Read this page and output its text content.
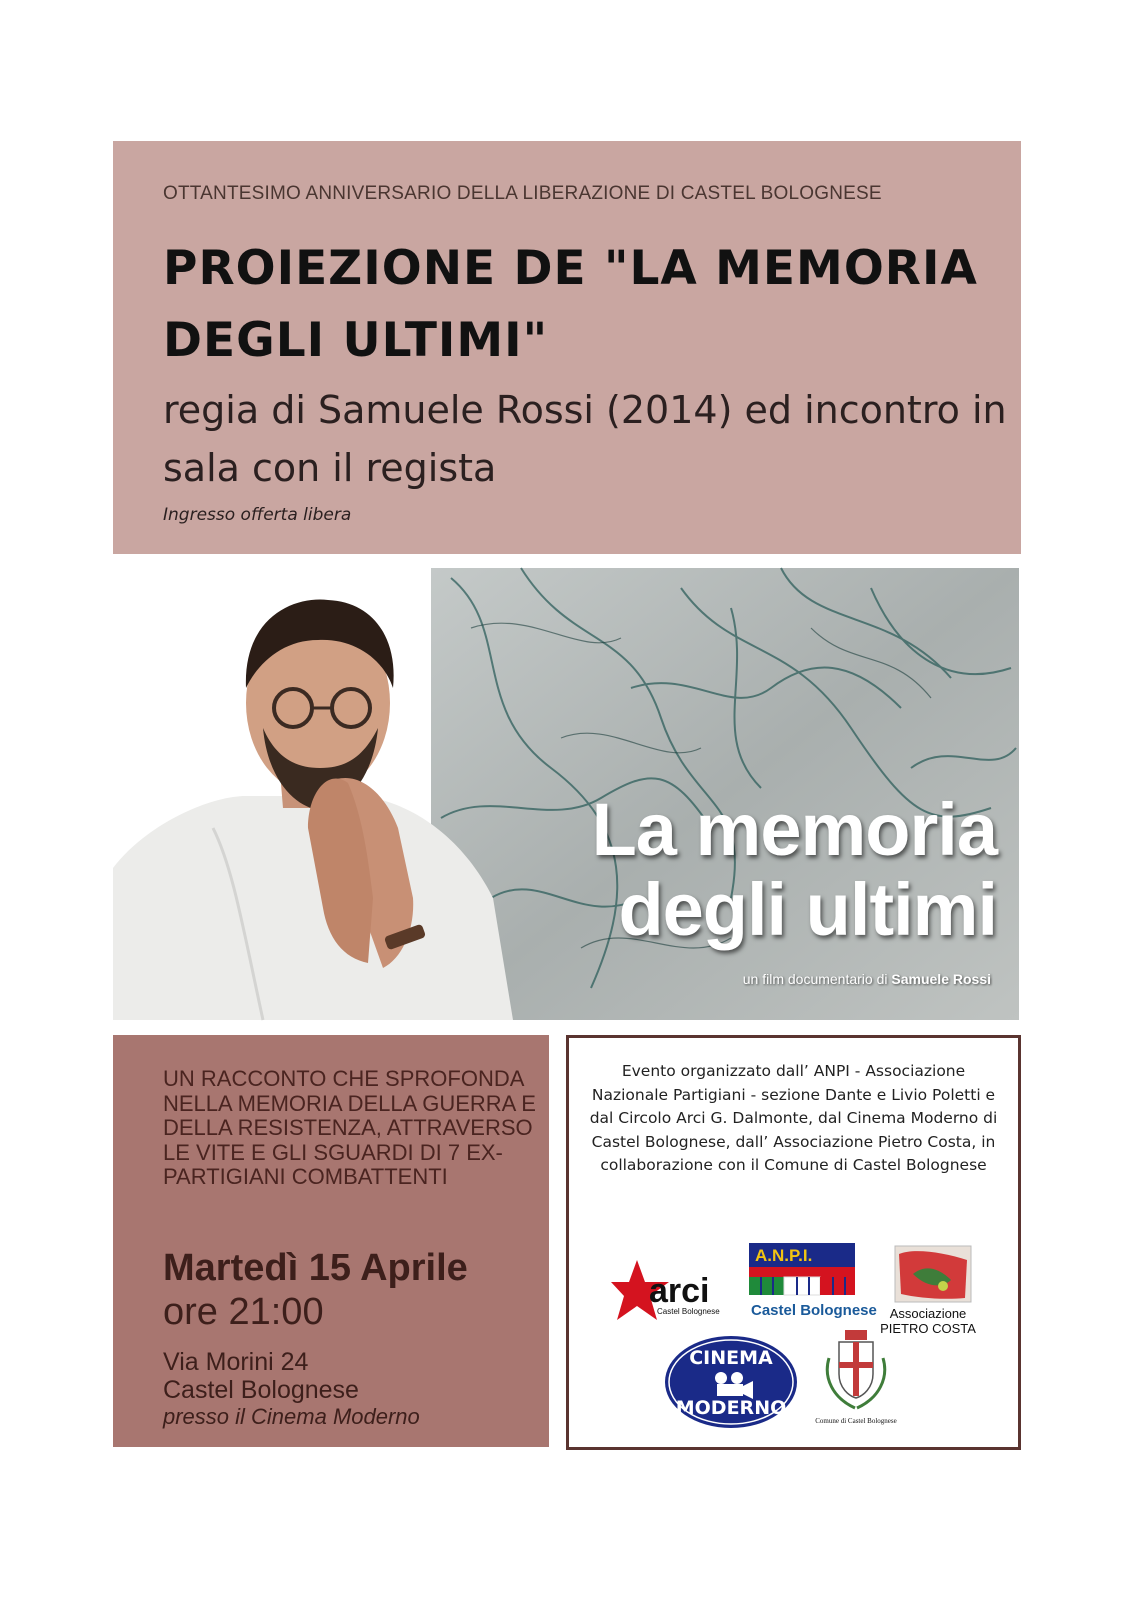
OTTANTESIMO ANNIVERSARIO DELLA LIBERAZIONE DI CASTEL BOLOGNESE
PROIEZIONE DE "LA MEMORIA DEGLI ULTIMI"
regia di Samuele Rossi (2014) ed incontro in sala con il regista
Ingresso offerta libera
La memoria
degli ultimi
un film documentario di Samuele Rossi
UN RACCONTO CHE SPROFONDA NELLA MEMORIA DELLA GUERRA E DELLA RESISTENZA, ATTRAVERSO LE VITE E GLI SGUARDI DI 7 EX-PARTIGIANI COMBATTENTI
Martedì 15 Aprile
ore 21:00
Via Morini 24
Castel Bolognese
presso il Cinema Moderno
Evento organizzato dall’ ANPI - Associazione Nazionale Partigiani - sezione Dante e Livio Poletti e dal Circolo Arci G. Dalmonte, dal Cinema Moderno di Castel Bolognese, dall’ Associazione Pietro Costa, in collaborazione con il Comune di Castel Bolognese
arci
Castel Bolognese
A.N.P.I.
Castel Bolognese Associazione
PIETRO COSTA
CINEMA
MODERNO
Comune di Castel Bolognese
